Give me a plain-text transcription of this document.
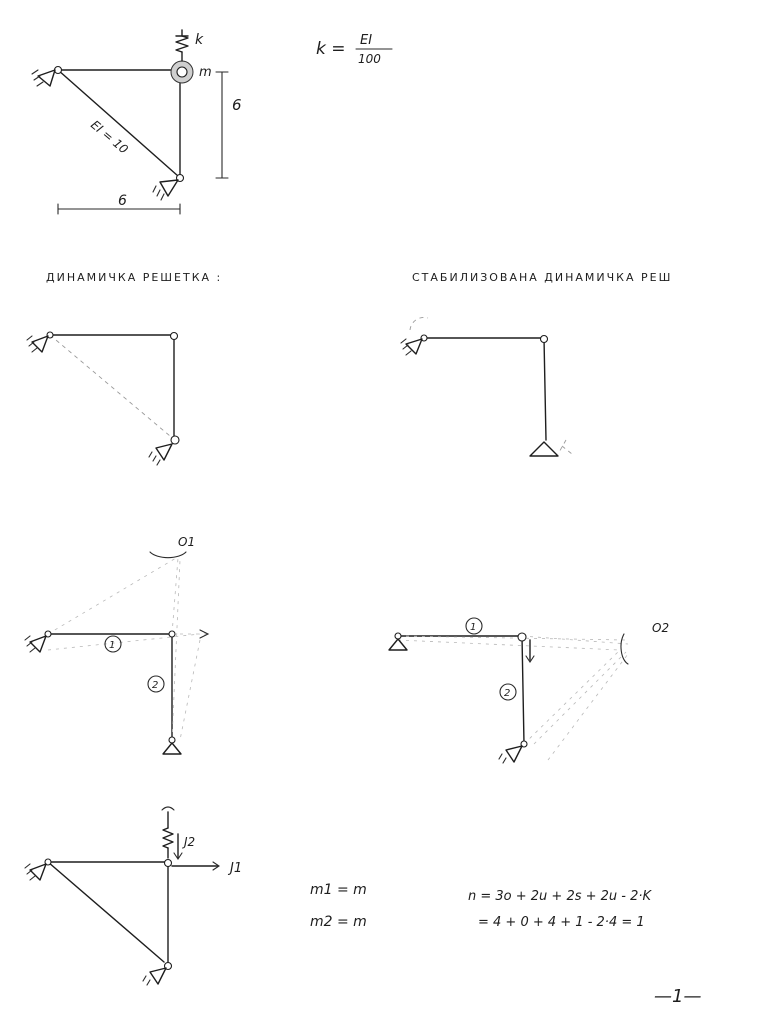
k
m
6
6
EI = 10
k = EI
100
ДИНАМИЧКА РЕШЕТКА :	СТАБИЛИЗОВАНА ДИНАМИЧКА РЕШ
O1
1
2
O2
1
2
J2
J1
m1 = m
m2 = m
n = 3o + 2u + 2s + 2u - 2·K
= 4 + 0 + 4 + 1 - 2·4 = 1
—1—
